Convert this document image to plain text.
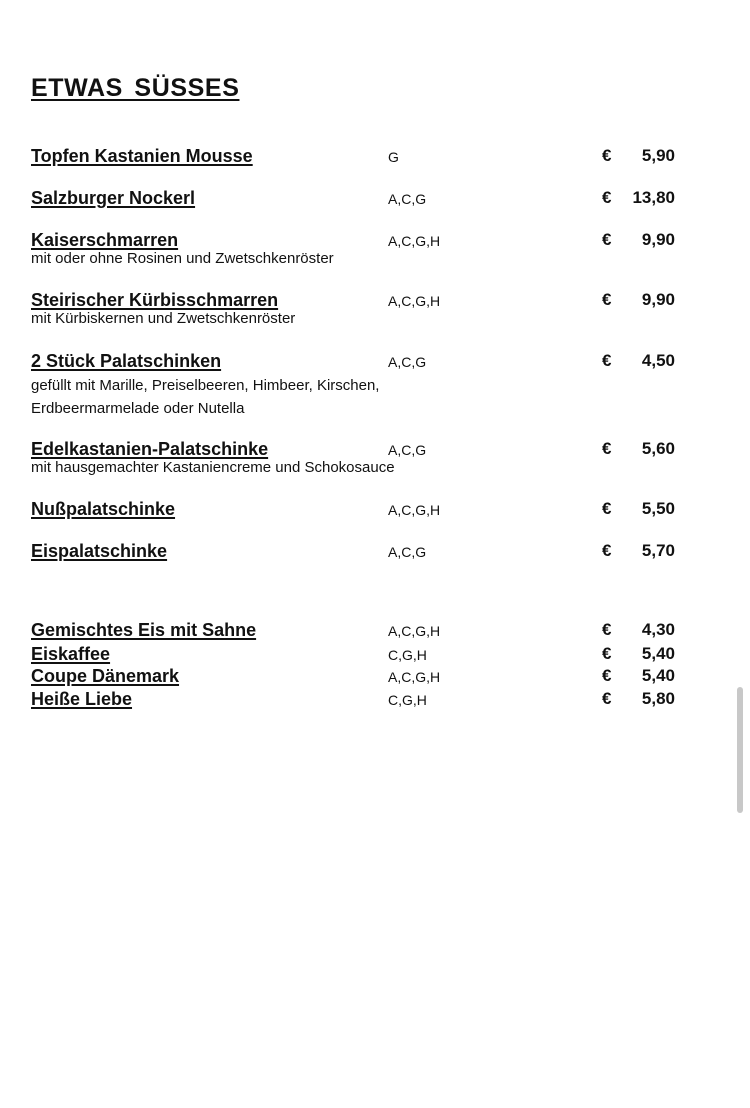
ETWAS SÜSSES
Topfen Kastanien Mousse	G	€ 5,90
Salzburger Nockerl	A,C,G	€ 13,80
Kaiserschmarren	A,C,G,H	€ 9,90
mit oder ohne Rosinen und Zwetschkenröster
Steirischer Kürbisschmarren	A,C,G,H	€ 9,90
mit Kürbiskernen und Zwetschkenröster
2 Stück Palatschinken	A,C,G	€ 4,50
gefüllt mit Marille, Preiselbeeren, Himbeer, Kirschen,
Erdbeermarmelade oder Nutella
Edelkastanien-Palatschinke	A,C,G	€ 5,60
mit hausgemachter Kastaniencreme und Schokosauce
Nußpalatschinke	A,C,G,H	€ 5,50
Eispalatschinke	A,C,G	€ 5,70
Gemischtes Eis mit Sahne	A,C,G,H	€ 4,30
Eiskaffee	C,G,H	€ 5,40
Coupe Dänemark	A,C,G,H	€ 5,40
Heiße Liebe	C,G,H	€ 5,80
